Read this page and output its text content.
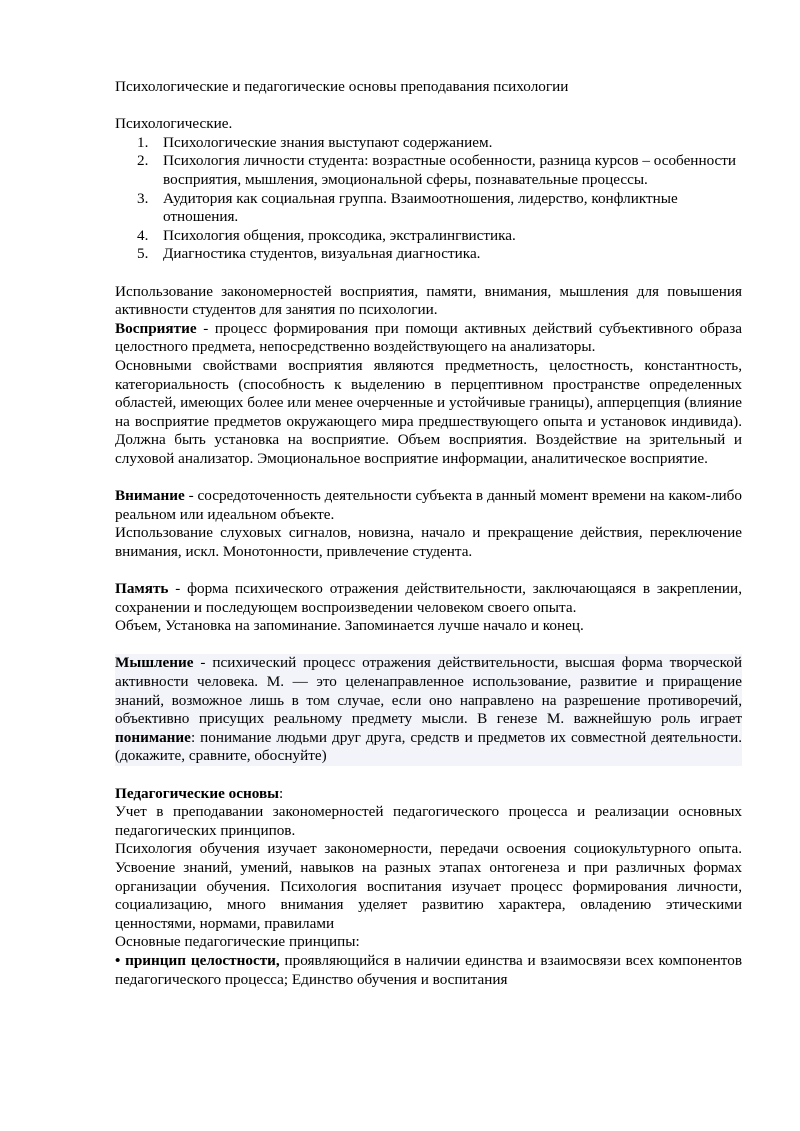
Психологические и педагогические основы преподавания психологии

Психологические.

1. Психологические знания выступают содержанием.
2. Психология личности студента: возрастные особенности, разница курсов – особенности восприятия, мышления, эмоциональной сферы, познавательные процессы.
3. Аудитория как социальная группа. Взаимоотношения, лидерство, конфликтные отношения.
4. Психология общения, проксодика, экстралингвистика.
5. Диагностика студентов, визуальная диагностика.

Использование закономерностей восприятия, памяти, внимания, мышления для повышения активности студентов для занятия по психологии.

Восприятие - процесс формирования при помощи активных действий субъективного образа целостного предмета, непосредственно воздействующего на анализаторы.

Основными свойствами восприятия являются предметность, целостность, константность, категориальность (способность к выделению в перцептивном пространстве определенных областей, имеющих более или менее очерченные и устойчивые границы), апперцепция (влияние на восприятие предметов окружающего мира предшествующего опыта и установок индивида). Должна быть установка на восприятие. Объем восприятия. Воздействие на зрительный и слуховой анализатор. Эмоциональное восприятие информации, аналитическое восприятие.

Внимание - сосредоточенность деятельности субъекта в данный момент времени на каком-либо реальном или идеальном объекте.

Использование слуховых сигналов, новизна, начало и прекращение действия, переключение внимания, искл. Монотонности, привлечение студента.

Память - форма психического отражения действительности, заключающаяся в закреплении, сохранении и последующем воспроизведении человеком своего опыта.

Объем, Установка на запоминание. Запоминается лучше начало и конец.

Мышление - психический процесс отражения действительности, высшая форма творческой активности человека. М. — это целенаправленное использование, развитие и приращение знаний, возможное лишь в том случае, если оно направлено на разрешение противоречий, объективно присущих реальному предмету мысли. В генезе М. важнейшую роль играет понимание: понимание людьми друг друга, средств и предметов их совместной деятельности. (докажите, сравните, обоснуйте)

Педагогические основы:

Учет в преподавании закономерностей педагогического процесса и реализации основных педагогических принципов.

Психология обучения изучает закономерности, передачи освоения социокультурного опыта. Усвоение знаний, умений, навыков на разных этапах онтогенеза и при различных формах организации обучения. Психология воспитания изучает процесс формирования личности, социализацию, много внимания уделяет развитию характера, овладению этическими ценностями, нормами, правилами

Основные педагогические принципы:

• принцип целостности, проявляющийся в наличии единства и взаимосвязи всех компонентов педагогического процесса; Единство обучения и воспитания
